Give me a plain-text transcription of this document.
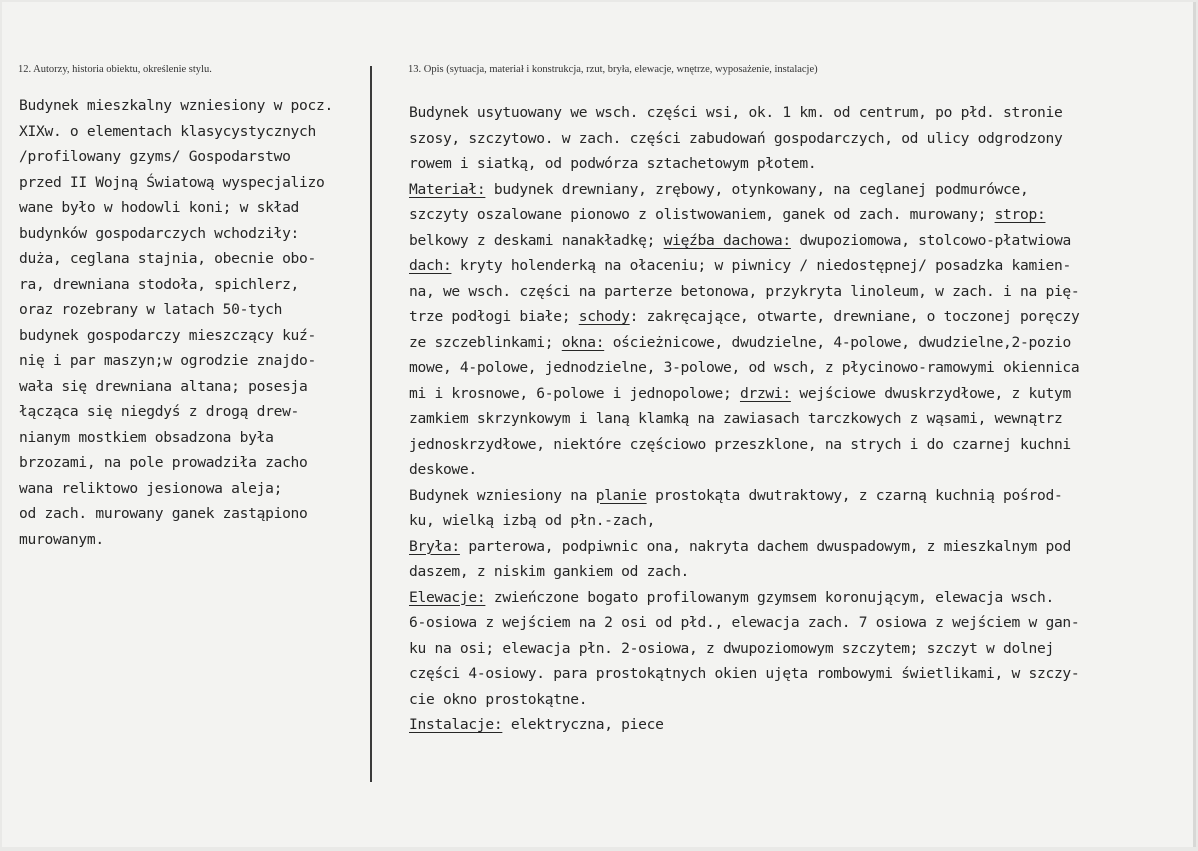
12. Autorzy, historia obiektu, określenie stylu.	13. Opis (sytuacja, materiał i konstrukcja, rzut, bryła, elewacje, wnętrze, wyposażenie, instalacje)
Budynek mieszkalny wzniesiony w pocz.
XIXw. o elementach klasycystycznych
/profilowany gzyms/ Gospodarstwo
przed II Wojną Światową wyspecjalizo
wane było w hodowli koni; w skład
budynków gospodarczych wchodziły:
duża, ceglana stajnia, obecnie obo-
ra, drewniana stodoła, spichlerz,
oraz rozebrany w latach 50-tych
budynek gospodarczy mieszczący kuź-
nię i par maszyn;w ogrodzie znajdo-
wała się drewniana altana; posesja
łącząca się niegdyś z drogą drew-
nianym mostkiem obsadzona była
brzozami, na pole prowadziła zacho
wana reliktowo jesionowa aleja;
od zach. murowany ganek zastąpiono
murowanym.
Budynek usytuowany we wsch. części wsi, ok. 1 km. od centrum, po płd. stronie
szosy, szczytowo. w zach. części zabudowań gospodarczych, od ulicy odgrodzony
rowem i siatką, od podwórza sztachetowym płotem.
Materiał: budynek drewniany, zrębowy, otynkowany, na ceglanej podmurówce,
szczyty oszalowane pionowo z olistwowaniem, ganek od zach. murowany; strop:
belkowy z deskami nanakładkę; więźba dachowa: dwupoziomowa, stolcowo-płatwiowa
dach: kryty holenderką na ołaceniu; w piwnicy / niedostępnej/ posadzka kamien-
na, we wsch. części na parterze betonowa, przykryta linoleum, w zach. i na pię-
trze podłogi białe; schody: zakręcające, otwarte, drewniane, o toczonej poręczy
ze szczeblinkami; okna: ościeżnicowe, dwudzielne, 4-polowe, dwudzielne,2-pozio
mowe, 4-polowe, jednodzielne, 3-polowe, od wsch, z płycinowo-ramowymi okiennica
mi i krosnowe, 6-polowe i jednopolowe; drzwi: wejściowe dwuskrzydłowe, z kutym
zamkiem skrzynkowym i laną klamką na zawiasach tarczkowych z wąsami, wewnątrz
jednoskrzydłowe, niektóre częściowo przeszklone, na strych i do czarnej kuchni
deskowe.
Budynek wzniesiony na planie prostokąta dwutraktowy, z czarną kuchnią pośrod-
ku, wielką izbą od płn.-zach,
Bryła: parterowa, podpiwnic ona, nakryta dachem dwuspadowym, z mieszkalnym pod
daszem, z niskim gankiem od zach.
Elewacje: zwieńczone bogato profilowanym gzymsem koronującym, elewacja wsch.
6-osiowa z wejściem na 2 osi od płd., elewacja zach. 7 osiowa z wejściem w gan-
ku na osi; elewacja płn. 2-osiowa, z dwupoziomowym szczytem; szczyt w dolnej
części 4-osiowy. para prostokątnych okien ujęta rombowymi świetlikami, w szczy-
cie okno prostokątne.
Instalacje: elektryczna, piece
